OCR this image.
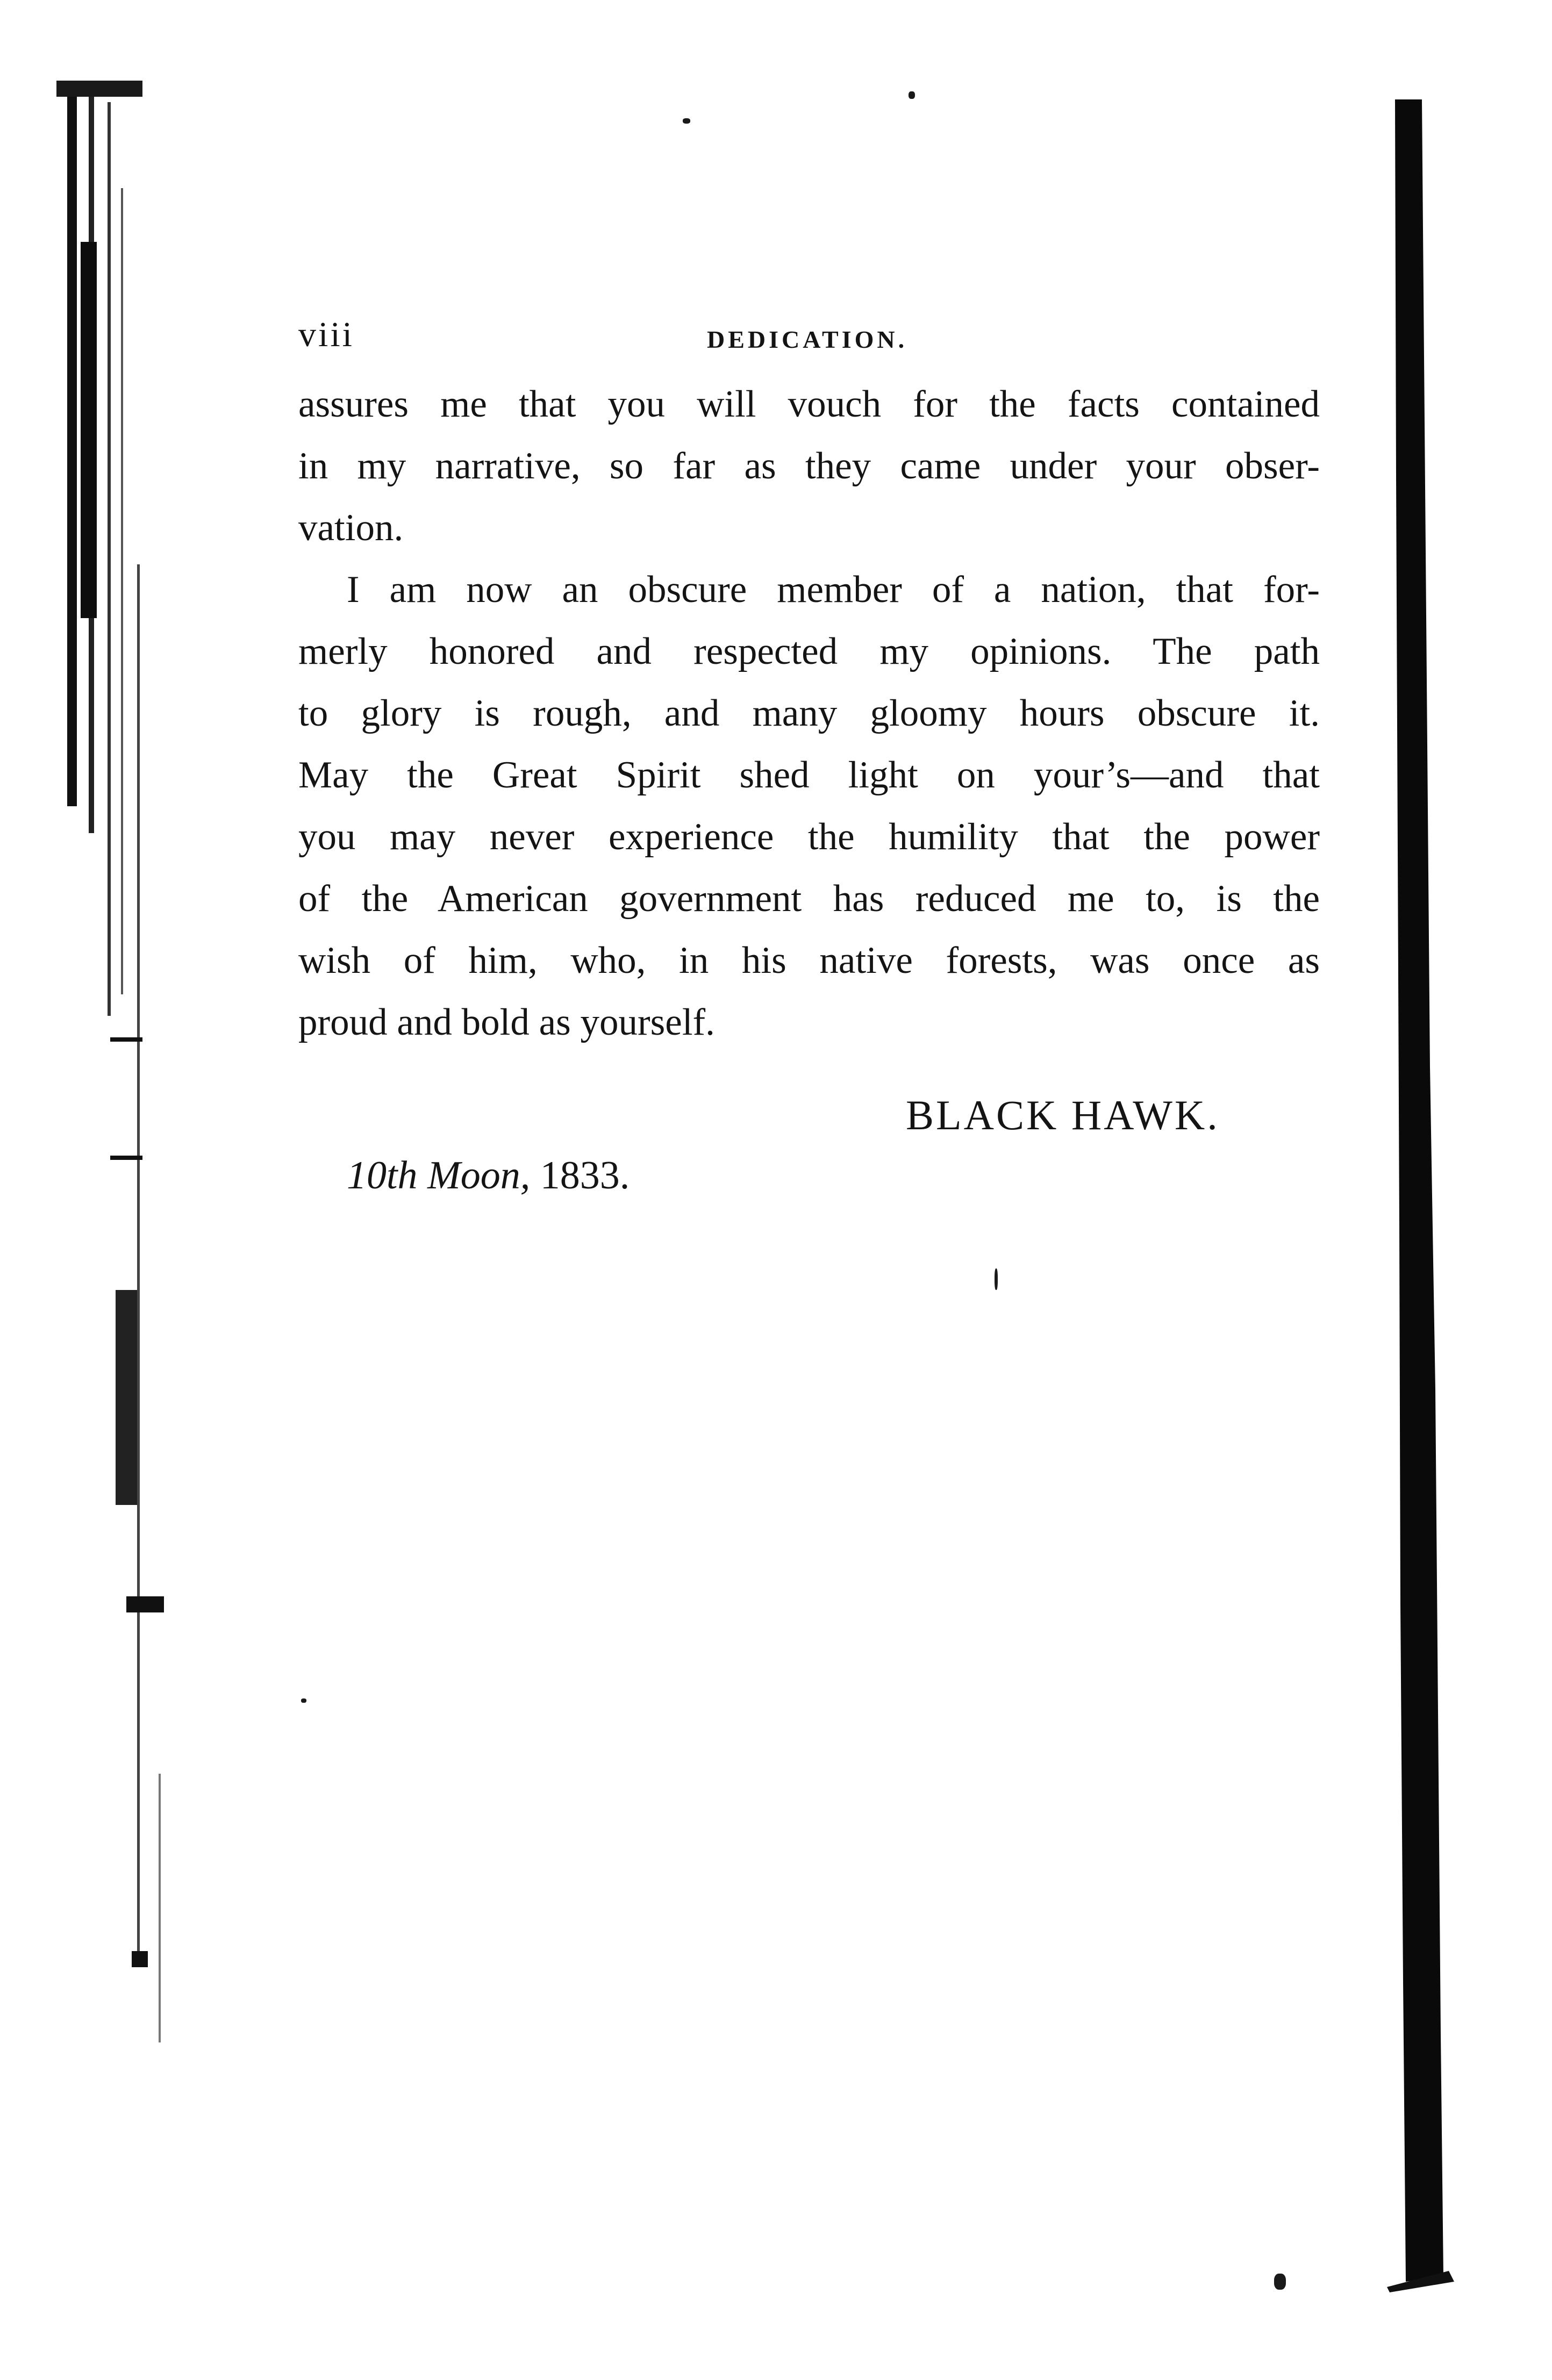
viii	DEDICATION.

assures me that you will vouch for the facts contained
in my narrative, so far as they came under your obser-
vation.

I am now an obscure member of a nation, that for-
merly honored and respected my opinions. The path
to glory is rough, and many gloomy hours obscure it.
May the Great Spirit shed light on your’s—and that
you may never experience the humility that the power
of the American government has reduced me to, is the
wish of him, who, in his native forests, was once as
proud and bold as yourself.

BLACK HAWK.
10th Moon, 1833.
